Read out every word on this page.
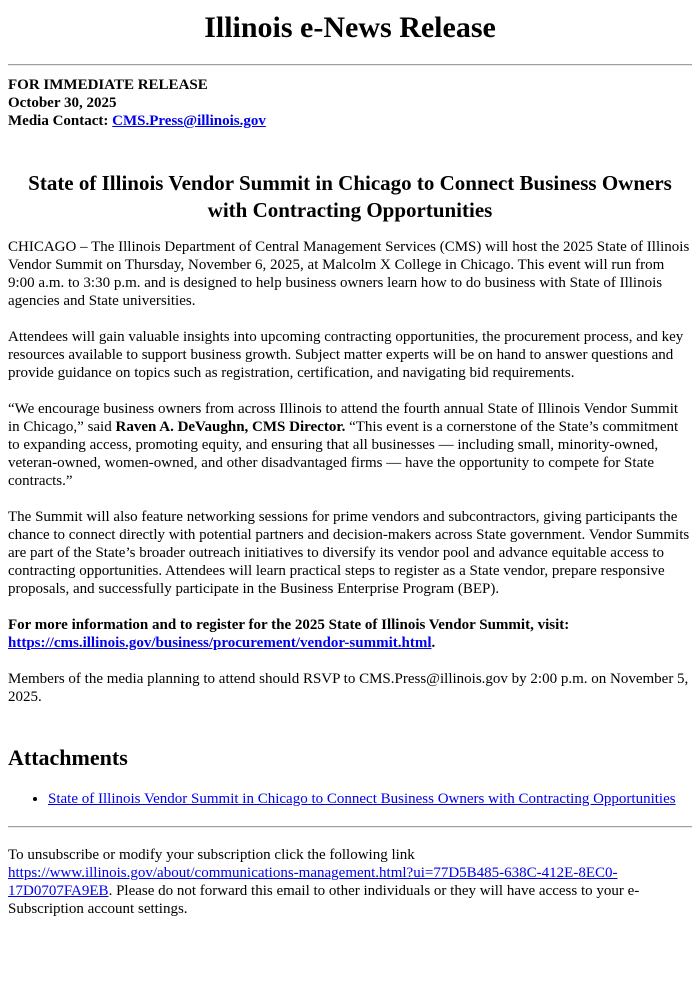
Illinois e-News Release
FOR IMMEDIATE RELEASE
October 30, 2025
Media Contact: CMS.Press@illinois.gov
State of Illinois Vendor Summit in Chicago to Connect Business Owners with Contracting Opportunities

CHICAGO – The Illinois Department of Central Management Services (CMS) will host the 2025 State of Illinois Vendor Summit on Thursday, November 6, 2025, at Malcolm X College in Chicago. This event will run from 9:00 a.m. to 3:30 p.m. and is designed to help business owners learn how to do business with State of Illinois agencies and State universities.

Attendees will gain valuable insights into upcoming contracting opportunities, the procurement process, and key resources available to support business growth. Subject matter experts will be on hand to answer questions and provide guidance on topics such as registration, certification, and navigating bid requirements.

“We encourage business owners from across Illinois to attend the fourth annual State of Illinois Vendor Summit in Chicago,” said Raven A. DeVaughn, CMS Director. “This event is a cornerstone of the State’s commitment to expanding access, promoting equity, and ensuring that all businesses — including small, minority-owned, veteran-owned, women-owned, and other disadvantaged firms — have the opportunity to compete for State contracts.”

The Summit will also feature networking sessions for prime vendors and subcontractors, giving participants the chance to connect directly with potential partners and decision-makers across State government. Vendor Summits are part of the State’s broader outreach initiatives to diversify its vendor pool and advance equitable access to contracting opportunities. Attendees will learn practical steps to register as a State vendor, prepare responsive proposals, and successfully participate in the Business Enterprise Program (BEP).

For more information and to register for the 2025 State of Illinois Vendor Summit, visit:
https://cms.illinois.gov/business/procurement/vendor-summit.html.

Members of the media planning to attend should RSVP to CMS.Press@illinois.gov by 2:00 p.m. on November 5, 2025.

Attachments
• State of Illinois Vendor Summit in Chicago to Connect Business Owners with Contracting Opportunities

To unsubscribe or modify your subscription click the following link
https://www.illinois.gov/about/communications-management.html?ui=77D5B485-638C-412E-8EC0-17D0707FA9EB. Please do not forward this email to other individuals or they will have access to your e-Subscription account settings.
